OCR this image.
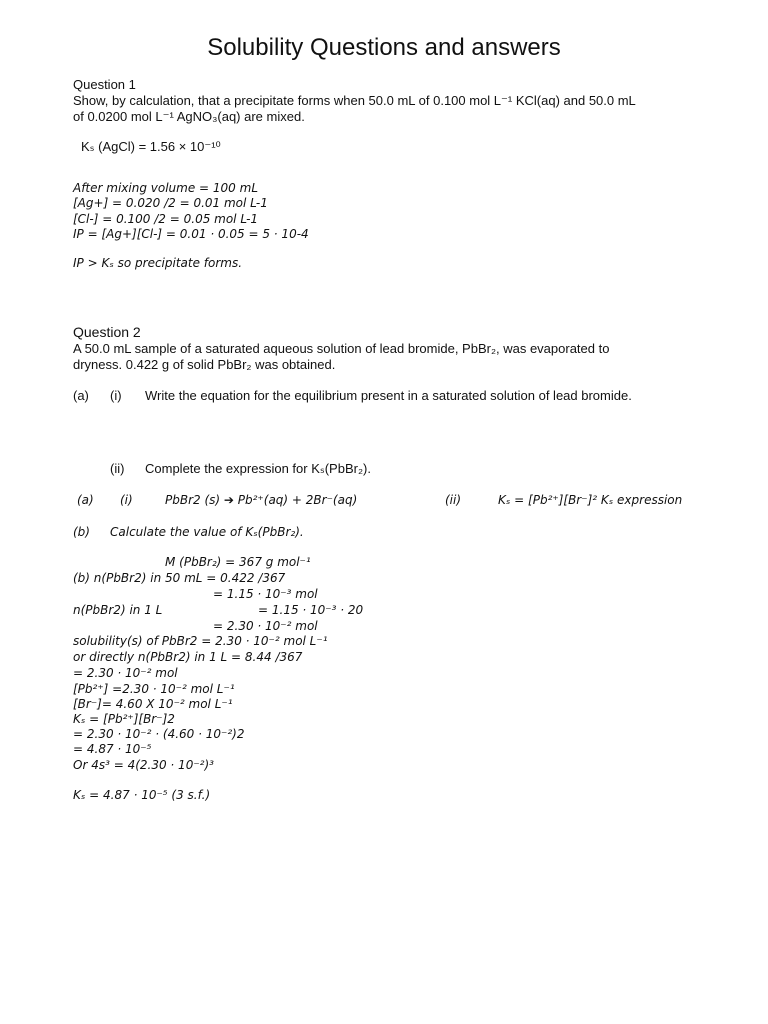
Solubility Questions and answers
Question 1
Show, by calculation, that a precipitate forms when 50.0 mL of 0.100 mol L⁻¹ KCl(aq) and 50.0 mL
of 0.0200 mol L⁻¹ AgNO₃(aq) are mixed.
Kₛ (AgCl) = 1.56 × 10⁻¹⁰
After mixing volume = 100 mL
[Ag+] = 0.020 /2 = 0.01 mol L-1
[Cl-] = 0.100 /2 = 0.05 mol L-1
IP = [Ag+][Cl-] = 0.01 · 0.05 = 5 · 10-4
IP > Kₛ so precipitate forms.
Question 2
A 50.0 mL sample of a saturated aqueous solution of lead bromide, PbBr₂, was evaporated to
dryness. 0.422 g of solid PbBr₂ was obtained.
(a) (i) Write the equation for the equilibrium present in a saturated solution of lead bromide.
(ii) Complete the expression for Kₛ(PbBr₂).
(a) (i)	PbBr2 (s) ➔ Pb²⁺(aq) + 2Br⁻(aq)	(ii)	Kₛ = [Pb²⁺][Br⁻]² Kₛ expression
(b) Calculate the value of Kₛ(PbBr₂).
M (PbBr₂) = 367 g mol⁻¹
(b) n(PbBr2) in 50 mL = 0.422 /367
= 1.15 · 10⁻³ mol
n(PbBr2) in 1 L	= 1.15 · 10⁻³ · 20
= 2.30 · 10⁻² mol
solubility(s) of PbBr2 = 2.30 · 10⁻² mol L⁻¹
or directly n(PbBr2) in 1 L = 8.44 /367
= 2.30 · 10⁻² mol
[Pb²⁺] =2.30 · 10⁻² mol L⁻¹
[Br⁻]= 4.60 X 10⁻² mol L⁻¹
Kₛ = [Pb²⁺][Br⁻]2
= 2.30 · 10⁻² · (4.60 · 10⁻²)2
= 4.87 · 10⁻⁵
Or 4s³ = 4(2.30 · 10⁻²)³
Kₛ = 4.87 · 10⁻⁵ (3 s.f.)
